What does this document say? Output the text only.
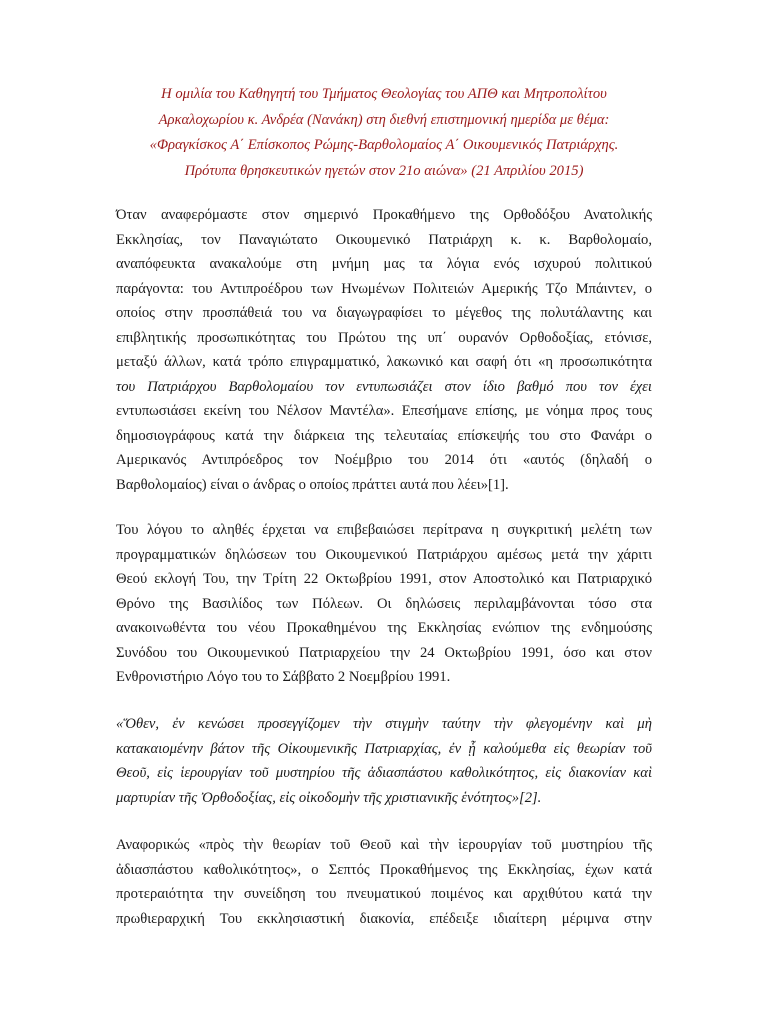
Η ομιλία του Καθηγητή του Τμήματος Θεολογίας του ΑΠΘ και Μητροπολίτου
Αρκαλοχωρίου κ. Ανδρέα (Νανάκη) στη διεθνή επιστημονική ημερίδα με θέμα:
«Φραγκίσκος Α΄ Επίσκοπος Ρώμης-Βαρθολομαίος Α΄ Οικουμενικός Πατριάρχης.
Πρότυπα θρησκευτικών ηγετών στον 21ο αιώνα» (21 Απριλίου 2015)
Όταν αναφερόμαστε στον σημερινό Προκαθήμενο της Ορθοδόξου Ανατολικής
Εκκλησίας, τον Παναγιώτατο Οικουμενικό Πατριάρχη κ. κ. Βαρθολομαίο,
αναπόφευκτα ανακαλούμε στη μνήμη μας τα λόγια ενός ισχυρού πολιτικού
παράγοντα: του Αντιπροέδρου των Ηνωμένων Πολιτειών Αμερικής Τζο Μπάιντεν, ο
οποίος στην προσπάθειά του να διαγωγραφίσει το μέγεθος της πολυτάλαντης και
επιβλητικής προσωπικότητας του Πρώτου της υπ΄ ουρανόν Ορθοδοξίας, ετόνισε,
μεταξύ άλλων, κατά τρόπο επιγραμματικό, λακωνικό και σαφή ότι «η προσωπικότητα
του Πατριάρχου Βαρθολομαίου τον εντυπωσιάζει στον ίδιο βαθμό που τον έχει
εντυπωσιάσει εκείνη του Νέλσον Μαντέλα». Επεσήμανε επίσης, με νόημα προς τους
δημοσιογράφους κατά την διάρκεια της τελευταίας επίσκεψής του στο Φανάρι ο
Αμερικανός Αντιπρόεδρος τον Νοέμβριο του 2014 ότι «αυτός (δηλαδή ο
Βαρθολομαίος) είναι ο άνδρας ο οποίος πράττει αυτά που λέει»[1].
Του λόγου το αληθές έρχεται να επιβεβαιώσει περίτρανα η συγκριτική μελέτη των
προγραμματικών δηλώσεων του Οικουμενικού Πατριάρχου αμέσως μετά την χάριτι
Θεού εκλογή Του, την Τρίτη 22 Οκτωβρίου 1991, στον Αποστολικό και Πατριαρχικό
Θρόνο της Βασιλίδος των Πόλεων. Οι δηλώσεις περιλαμβάνονται τόσο στα
ανακοινωθέντα του νέου Προκαθημένου της Εκκλησίας ενώπιον της ενδημούσης
Συνόδου του Οικουμενικού Πατριαρχείου την 24 Οκτωβρίου 1991, όσο και στον
Ενθρονιστήριο Λόγο του το Σάββατο 2 Νοεμβρίου 1991.
«Ὅθεν, ἐν κενώσει προσεγγίζομεν τὴν στιγμὴν ταύτην τὴν φλεγομένην καὶ μὴ
κατακαιομένην βάτον τῆς Οἰκουμενικῆς Πατριαρχίας, ἐν ᾗ καλούμεθα εἰς θεωρίαν τοῦ
Θεοῦ, εἰς ἱερουργίαν τοῦ μυστηρίου τῆς ἀδιασπάστου καθολικότητος, εἰς διακονίαν καὶ
μαρτυρίαν τῆς Ὀρθοδοξίας, εἰς οἰκοδομὴν τῆς χριστιανικῆς ἑνότητος»[2].
Αναφορικώς «πρὸς τὴν θεωρίαν τοῦ Θεοῦ καὶ τὴν ἱερουργίαν τοῦ μυστηρίου τῆς
ἀδιασπάστου καθολικότητος», ο Σεπτός Προκαθήμενος της Εκκλησίας, έχων κατά
προτεραιότητα την συνείδηση του πνευματικού ποιμένος και αρχιθύτου κατά την
πρωθιεραρχική Του εκκλησιαστική διακονία, επέδειξε ιδιαίτερη μέριμνα στην
